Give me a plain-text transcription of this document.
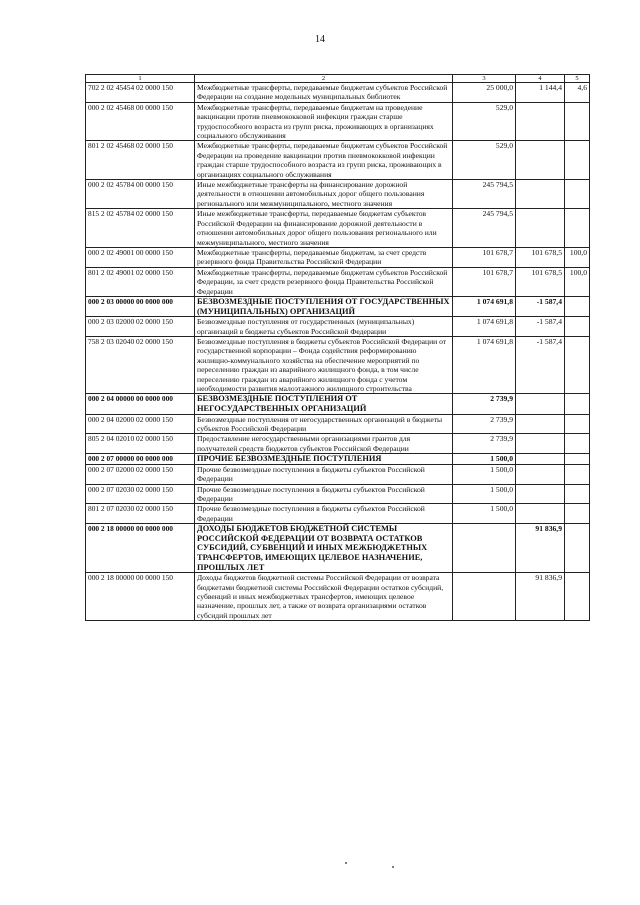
14
1	2	3	4	5
702 2 02 45454 02 0000 150	Межбюджетные трансферты, передаваемые бюджетам субъектов Российской Федерации на создание модельных муниципальных библиотек	25 000,0	1 144,4	4,6
000 2 02 45468 00 0000 150	Межбюджетные трансферты, передаваемые бюджетам на проведение вакцинации против пневмококковой инфекции граждан старше трудоспособного возраста из групп риска, проживающих в организациях социального обслуживания	529,0		
801 2 02 45468 02 0000 150	Межбюджетные трансферты, передаваемые бюджетам субъектов Российской Федерации на проведение вакцинации против пневмококковой инфекции граждан старше трудоспособного возраста из групп риска, проживающих в организациях социального обслуживания	529,0		
000 2 02 45784 00 0000 150	Иные межбюджетные трансферты на финансирование дорожной деятельности в отношении автомобильных дорог общего пользования регионального или межмуниципального, местного значения	245 794,5		
815 2 02 45784 02 0000 150	Иные межбюджетные трансферты, передаваемые бюджетам субъектов Российской Федерации на финансирование дорожной деятельности в отношении автомобильных дорог общего пользования регионального или межмуниципального, местного значения	245 794,5		
000 2 02 49001 00 0000 150	Межбюджетные трансферты, передаваемые бюджетам, за счет средств резервного фонда Правительства Российской Федерации	101 678,7	101 678,5	100,0
801 2 02 49001 02 0000 150	Межбюджетные трансферты, передаваемые бюджетам субъектов Российской Федерации, за счет средств резервного фонда Правительства Российской Федерации	101 678,7	101 678,5	100,0
000 2 03 00000 00 0000 000	БЕЗВОЗМЕЗДНЫЕ ПОСТУПЛЕНИЯ ОТ ГОСУДАРСТВЕННЫХ (МУНИЦИПАЛЬНЫХ) ОРГАНИЗАЦИЙ	1 074 691,8	-1 587,4	
000 2 03 02000 02 0000 150	Безвозмездные поступления от государственных (муниципальных) организаций в бюджеты субъектов Российской Федерации	1 074 691,8	-1 587,4	
758 2 03 02040 02 0000 150	Безвозмездные поступления в бюджеты субъектов Российской Федерации от государственной корпорации – Фонда содействия реформированию жилищно-коммунального хозяйства на обеспечение мероприятий по переселению граждан из аварийного жилищного фонда, в том числе переселению граждан из аварийного жилищного фонда с учетом необходимости развития малоэтажного жилищного строительства	1 074 691,8	-1 587,4	
000 2 04 00000 00 0000 000	БЕЗВОЗМЕЗДНЫЕ ПОСТУПЛЕНИЯ ОТ НЕГОСУДАРСТВЕННЫХ ОРГАНИЗАЦИЙ	2 739,9		
000 2 04 02000 02 0000 150	Безвозмездные поступления от негосударственных организаций в бюджеты субъектов Российской Федерации	2 739,9		
805 2 04 02010 02 0000 150	Предоставление негосударственными организациями грантов для получателей средств бюджетов субъектов Российской Федерации	2 739,9		
000 2 07 00000 00 0000 000	ПРОЧИЕ БЕЗВОЗМЕЗДНЫЕ ПОСТУПЛЕНИЯ	1 500,0		
000 2 07 02000 02 0000 150	Прочие безвозмездные поступления в бюджеты субъектов Российской Федерации	1 500,0		
000 2 07 02030 02 0000 150	Прочие безвозмездные поступления в бюджеты субъектов Российской Федерации	1 500,0		
801 2 07 02030 02 0000 150	Прочие безвозмездные поступления в бюджеты субъектов Российской Федерации	1 500,0		
000 2 18 00000 00 0000 000	ДОХОДЫ БЮДЖЕТОВ БЮДЖЕТНОЙ СИСТЕМЫ РОССИЙСКОЙ ФЕДЕРАЦИИ ОТ ВОЗВРАТА ОСТАТКОВ СУБСИДИЙ, СУБВЕНЦИЙ И ИНЫХ МЕЖБЮДЖЕТНЫХ ТРАНСФЕРТОВ, ИМЕЮЩИХ ЦЕЛЕВОЕ НАЗНАЧЕНИЕ, ПРОШЛЫХ ЛЕТ		91 836,9	
000 2 18 00000 00 0000 150	Доходы бюджетов бюджетной системы Российской Федерации от возврата бюджетами бюджетной системы Российской Федерации остатков субсидий, субвенций и иных межбюджетных трансфертов, имеющих целевое назначение, прошлых лет, а также от возврата организациями остатков субсидий прошлых лет		91 836,9	
